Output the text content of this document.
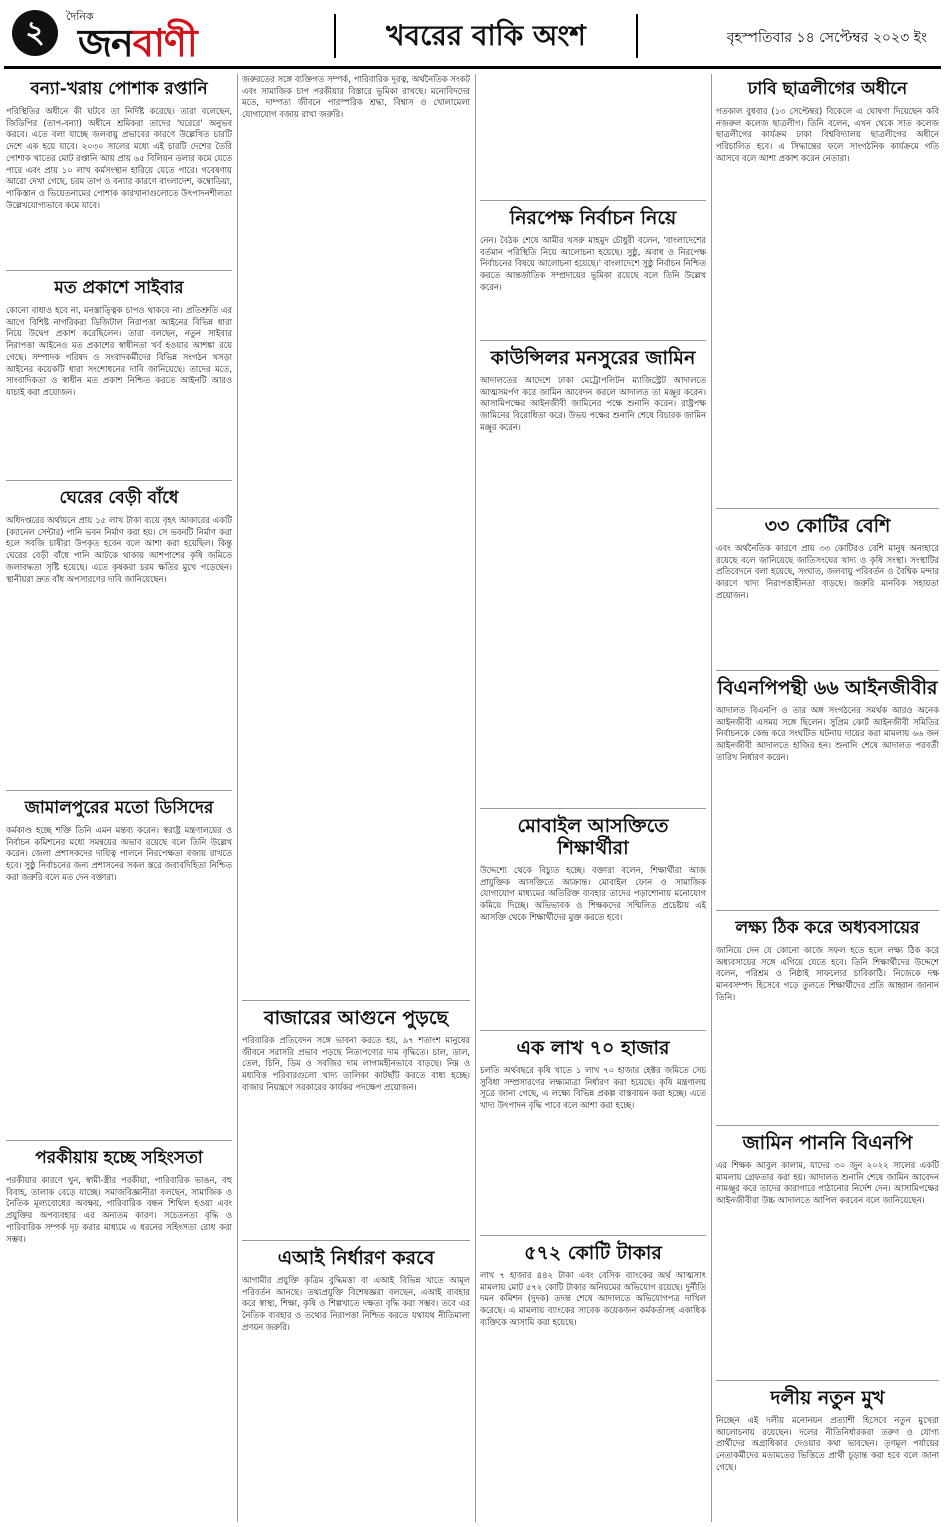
২	দৈনিক
জনবাণী	খবরের বাকি অংশ	বৃহস্পতিবার ১৪ সেপ্টেম্বর ২০২৩ ইং
বন্যা-খরায় পোশাক রপ্তানি

পরিস্থিতির অধীনে কী ঘটবে তা নির্দিষ্ট করেছে। তারা বলেছেন, জিডিপির (তাপ-বন্যা) অধীনে শ্রমিকরা তাদের 'ঘরেরে' অনুভব করবে। এতে বলা যাচ্ছে জলবায়ু প্রভাবের কারণে উল্লেখিত চারটি দেশে এক হয়ে যাবে। ২০৩০ সালের মধ্যে এই চারটি দেশের তৈরি পোশাক খাতের মোট রপ্তানি আয় প্রায় ৬৫ বিলিয়ন ডলার কমে যেতে পারে এবং প্রায় ১০ লাখ কর্মসংস্থান হারিয়ে যেতে পারে। গবেষণায় আরো দেখা গেছে, চরম তাপ ও বন্যার কারণে বাংলাদেশ, কম্বোডিয়া, পাকিস্তান ও ভিয়েতনামের পোশাক কারখানাগুলোতে উৎপাদনশীলতা উল্লেখযোগ্যভাবে কমে যাবে।

মত প্রকাশে সাইবার

কোনো বাধাও হবে না, মনস্তাত্ত্বিক চাপও থাকবে না। প্রতিশ্রুতি এর আগে বিশিষ্ট নাগরিকরা ডিজিটাল নিরাপত্তা আইনের বিভিন্ন ধারা নিয়ে উদ্বেগ প্রকাশ করেছিলেন। তারা বলছেন, নতুন সাইবার নিরাপত্তা আইনেও মত প্রকাশের স্বাধীনতা খর্ব হওয়ার আশঙ্কা রয়ে গেছে। সম্পাদক পরিষদ ও সংবাদকর্মীদের বিভিন্ন সংগঠন খসড়া আইনের কয়েকটি ধারা সংশোধনের দাবি জানিয়েছে। তাদের মতে, সাংবাদিকতা ও স্বাধীন মত প্রকাশ নিশ্চিত করতে আইনটি আরও যাচাই করা প্রয়োজন।

ঘেরের বেড়ী বাঁধে

অধিদপ্তরের অর্থায়নে প্রায় ১৫ লাখ টাকা ব্যয়ে বৃহৎ আকারের একটি (ক্যানেল সেন্টার) পানি ভবন নির্মাণ করা হয়। সে ভবনটি নির্মাণ করা হলে সবজি চাষীরা উপকৃত হবেন বলে আশা করা হয়েছিল। কিন্তু ঘেরের বেড়ী বাঁধে পানি আটকে থাকায় আশপাশের কৃষি জমিতে জলাবদ্ধতা সৃষ্টি হয়েছে। এতে কৃষকরা চরম ক্ষতির মুখে পড়েছেন। স্থানীয়রা দ্রুত বাঁধ অপসারণের দাবি জানিয়েছেন।

জামালপুরের মতো ডিসিদের

কর্মকাণ্ড হচ্ছে শক্তি তিনি এমন মন্তব্য করেন। স্বরাষ্ট্র মন্ত্রণালয়ের ও নির্বাচন কমিশনের মধ্যে সমন্বয়ের অভাব রয়েছে বলে তিনি উল্লেখ করেন। জেলা প্রশাসকদের দায়িত্ব পালনে নিরপেক্ষতা বজায় রাখতে হবে। সুষ্ঠু নির্বাচনের জন্য প্রশাসনের সকল স্তরে জবাবদিহিতা নিশ্চিত করা জরুরি বলে মত দেন বক্তারা।

পরকীয়ায় হচ্ছে সহিংসতা

পরকীয়ার কারণে খুন, স্বামী-স্ত্রীর পরকীয়া, পারিবারিক ভাঙন, বহু বিবাহ, তালাক বেড়ে যাচ্ছে। সমাজবিজ্ঞানীরা বলছেন, সামাজিক ও নৈতিক মূল্যবোধের অবক্ষয়, পারিবারিক বন্ধন শিথিল হওয়া এবং প্রযুক্তির অপব্যবহার এর অন্যতম কারণ। সচেতনতা বৃদ্ধি ও পারিবারিক সম্পর্ক দৃঢ় করার মাধ্যমে এ ধরনের সহিংসতা রোধ করা সম্ভব।

জরুরতের সঙ্গে ব্যক্তিগত সম্পর্ক, পারিবারিক দূরত্ব, অর্থনৈতিক সংকট এবং সামাজিক চাপ পরকীয়ার বিস্তারে ভূমিকা রাখছে। মনোবিদদের মতে, দাম্পত্য জীবনে পারস্পরিক শ্রদ্ধা, বিশ্বাস ও খোলামেলা যোগাযোগ বজায় রাখা জরুরি।

বাজারের আগুনে পুড়ছে

পরিবারিক প্রতিবেদন সঙ্গে ভাবনা করতে হয়, ৯৭ শতাংশ মানুষের জীবনে সরাসরি প্রভাব পড়ছে নিত্যপণ্যের দাম বৃদ্ধিতে। চাল, ডাল, তেল, চিনি, ডিম ও সবজির দাম লাগামহীনভাবে বাড়ছে। নিম্ন ও মধ্যবিত্ত পরিবারগুলো খাদ্য তালিকা কাটছাঁট করতে বাধ্য হচ্ছে। বাজার নিয়ন্ত্রণে সরকারের কার্যকর পদক্ষেপ প্রয়োজন।

এআই নির্ধারণ করবে

আগামীর প্রযুক্তি কৃত্রিম বুদ্ধিমত্তা বা এআই বিভিন্ন খাতে আমূল পরিবর্তন আনছে। তথ্যপ্রযুক্তি বিশেষজ্ঞরা বলছেন, এআই ব্যবহার করে স্বাস্থ্য, শিক্ষা, কৃষি ও শিল্পখাতে দক্ষতা বৃদ্ধি করা সম্ভব। তবে এর নৈতিক ব্যবহার ও তথ্যের নিরাপত্তা নিশ্চিত করতে যথাযথ নীতিমালা প্রণয়ন জরুরি।

নিরপেক্ষ নির্বাচন নিয়ে

নেন। বৈঠক শেষে আমীর খসরু মাহমুদ চৌধুরী বলেন, 'বাংলাদেশের বর্তমান পরিস্থিতি নিয়ে আলোচনা হয়েছে। সুষ্ঠু, অবাধ ও নিরপেক্ষ নির্বাচনের বিষয়ে আলোচনা হয়েছে।' বাংলাদেশে সুষ্ঠু নির্বাচন নিশ্চিত করতে আন্তর্জাতিক সম্প্রদায়ের ভূমিকা রয়েছে বলে তিনি উল্লেখ করেন।

কাউন্সিলর মনসুরের জামিন

আদালতের আদেশে ঢাকা মেট্রোপলিটন ম্যাজিস্ট্রেট আদালতে আত্মসমর্পণ করে জামিন আবেদন করলে আদালত তা মঞ্জুর করেন। আসামিপক্ষের আইনজীবী জামিনের পক্ষে শুনানি করেন। রাষ্ট্রপক্ষ জামিনের বিরোধিতা করে। উভয় পক্ষের শুনানি শেষে বিচারক জামিন মঞ্জুর করেন।

মোবাইল আসক্তিতে শিক্ষার্থীরা

উদ্দেশ্যে থেকে বিচ্যুত হচ্ছে। বক্তারা বলেন, শিক্ষার্থীরা আজ প্রাযুক্তিক আসক্তিতে আক্রান্ত। মোবাইল ফোন ও সামাজিক যোগাযোগ মাধ্যমের অতিরিক্ত ব্যবহার তাদের পড়াশোনায় মনোযোগ কমিয়ে দিচ্ছে। অভিভাবক ও শিক্ষকদের সম্মিলিত প্রচেষ্টায় এই আসক্তি থেকে শিক্ষার্থীদের মুক্ত করতে হবে।

এক লাখ ৭০ হাজার

চলতি অর্থবছরে কৃষি খাতে ১ লাখ ৭০ হাজার হেক্টর জমিতে সেচ সুবিধা সম্প্রসারণের লক্ষ্যমাত্রা নির্ধারণ করা হয়েছে। কৃষি মন্ত্রণালয় সূত্রে জানা গেছে, এ লক্ষ্যে বিভিন্ন প্রকল্প বাস্তবায়ন করা হচ্ছে। এতে খাদ্য উৎপাদন বৃদ্ধি পাবে বলে আশা করা হচ্ছে।

৫৭২ কোটি টাকার

লাখ ৭ হাজার ৪৪২ টাকা এবং বেসিক ব্যাংকের অর্থ আত্মসাৎ মামলায় মোট ৫৭২ কোটি টাকার অনিয়মের অভিযোগ রয়েছে। দুর্নীতি দমন কমিশন (দুদক) তদন্ত শেষে আদালতে অভিযোগপত্র দাখিল করেছে। এ মামলায় ব্যাংকের সাবেক কয়েকজন কর্মকর্তাসহ একাধিক ব্যক্তিকে আসামি করা হয়েছে।

ঢাবি ছাত্রলীগের অধীনে

গতকাল বুধবার (১৩ সেপ্টেম্বর) বিকেলে এ ঘোষণা দিয়েছেন কবি নজরুল কলেজ ছাত্রলীগ। তিনি বলেন, এখন থেকে সাত কলেজ ছাত্রলীগের কার্যক্রম ঢাকা বিশ্ববিদ্যালয় ছাত্রলীগের অধীনে পরিচালিত হবে। এ সিদ্ধান্তের ফলে সাংগঠনিক কার্যক্রমে গতি আসবে বলে আশা প্রকাশ করেন নেতারা।

৩৩ কোটির বেশি

এবং অর্থনৈতিক কারণে প্রায় ৩৩ কোটিরও বেশি মানুষ অনাহারে রয়েছে বলে জানিয়েছে জাতিসংঘের খাদ্য ও কৃষি সংস্থা। সংস্থাটির প্রতিবেদনে বলা হয়েছে, সংঘাত, জলবায়ু পরিবর্তন ও বৈশ্বিক মন্দার কারণে খাদ্য নিরাপত্তাহীনতা বাড়ছে। জরুরি মানবিক সহায়তা প্রয়োজন।

বিএনপিপন্থী ৬৬ আইনজীবীর

আদালত বিএনপি ও তার অঙ্গ সংগঠনের সমর্থক আরও অনেক আইনজীবী এসময় সঙ্গে ছিলেন। সুপ্রিম কোর্ট আইনজীবী সমিতির নির্বাচনকে কেন্দ্র করে সংঘটিত ঘটনায় দায়ের করা মামলায় ৬৬ জন আইনজীবী আদালতে হাজির হন। শুনানি শেষে আদালত পরবর্তী তারিখ নির্ধারণ করেন।

লক্ষ্য ঠিক করে অধ্যবসায়ের

জানিয়ে দেন যে কোনো কাজে সফল হতে হলে লক্ষ্য ঠিক করে অধ্যবসায়ের সঙ্গে এগিয়ে যেতে হবে। তিনি শিক্ষার্থীদের উদ্দেশে বলেন, পরিশ্রম ও নিষ্ঠাই সাফল্যের চাবিকাঠি। নিজেকে দক্ষ মানবসম্পদ হিসেবে গড়ে তুলতে শিক্ষার্থীদের প্রতি আহ্বান জানান তিনি।

জামিন পাননি বিএনপি

এর শিক্ষক আবুল কালাম, যাদের ৩০ জুন ২০২২ সালের একটি মামলায় গ্রেফতার করা হয়। আদালত শুনানি শেষে জামিন আবেদন নামঞ্জুর করে তাদের কারাগারে পাঠানোর নির্দেশ দেন। আসামিপক্ষের আইনজীবীরা উচ্চ আদালতে আপিল করবেন বলে জানিয়েছেন।

দলীয় নতুন মুখ

নিচ্ছেন এই দলীয় মনোনয়ন প্রত্যাশী হিসেবে নতুন মুখেরা আলোচনায় রয়েছেন। দলের নীতিনির্ধারকরা তরুণ ও যোগ্য প্রার্থীদের অগ্রাধিকার দেওয়ার কথা ভাবছেন। তৃণমূল পর্যায়ের নেতাকর্মীদের মতামতের ভিত্তিতে প্রার্থী চূড়ান্ত করা হবে বলে জানা গেছে।
